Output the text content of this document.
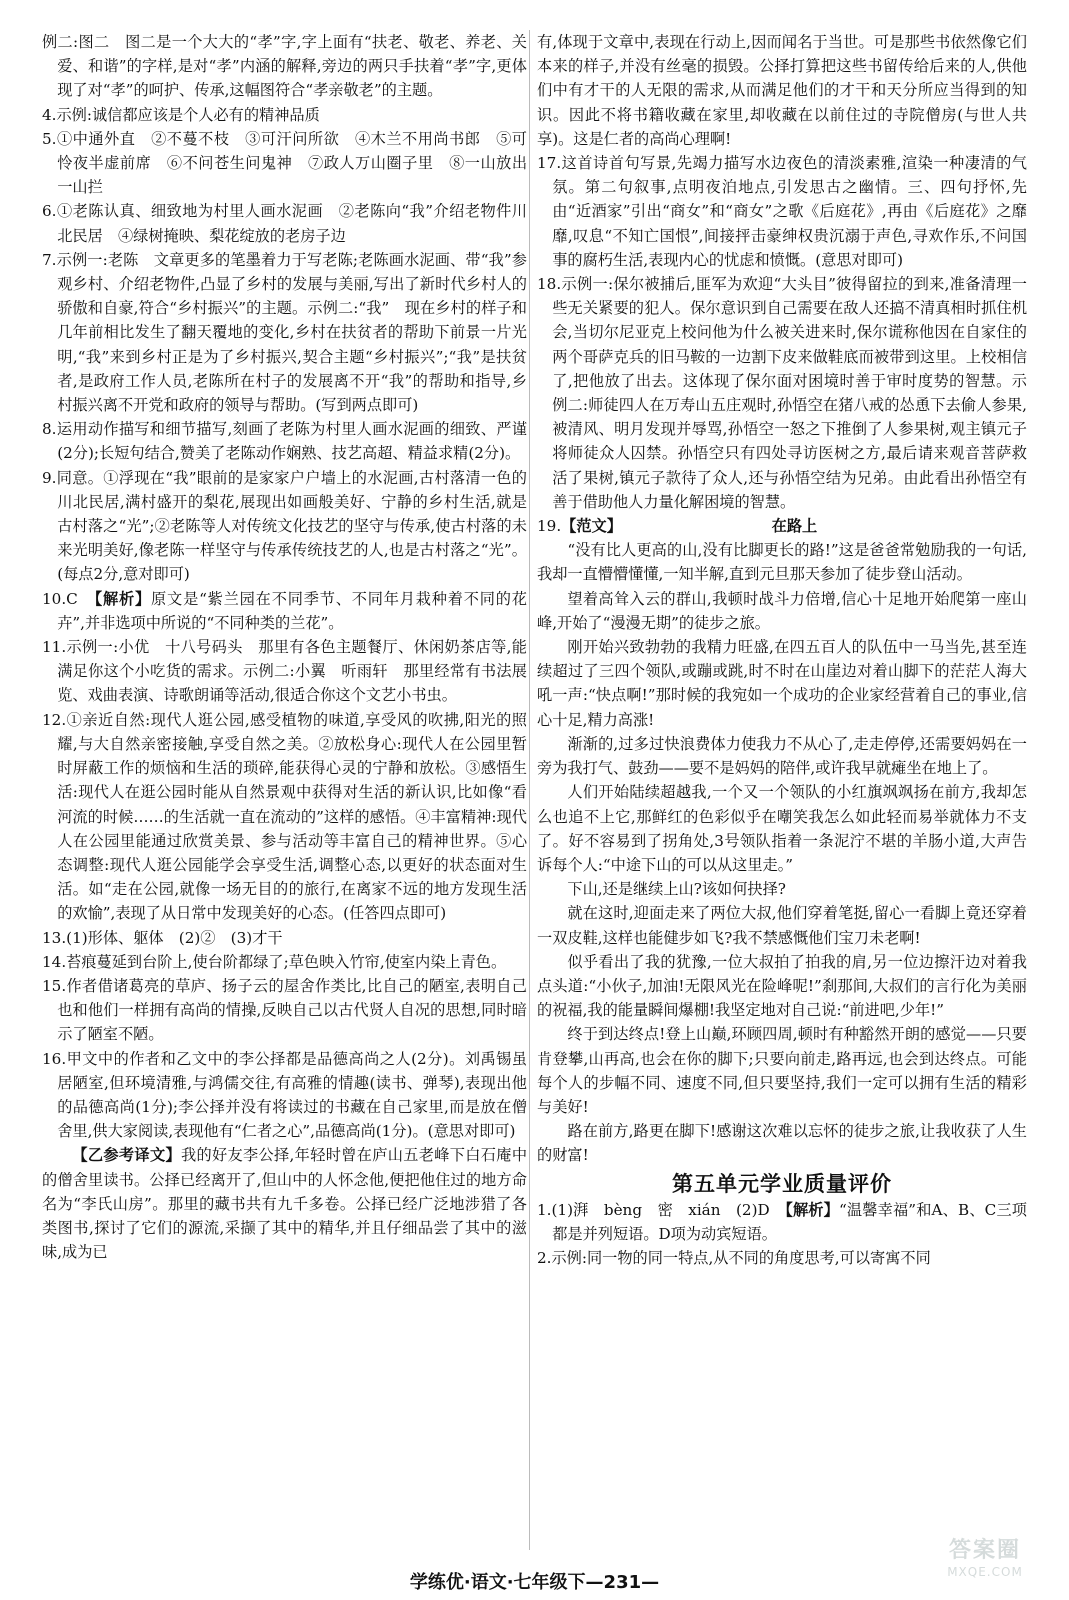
例二:图二　图二是一个大大的“孝”字,字上面有“扶老、敬老、养老、关爱、和谐”的字样,是对“孝”内涵的解释,旁边的两只手扶着“孝”字,更体现了对“孝”的呵护、传承,这幅图符合“孝亲敬老”的主题。

4.示例:诚信都应该是个人必有的精神品质

5.①中通外直　②不蔓不枝　③可汗问所欲　④木兰不用尚书郎　⑤可怜夜半虚前席　⑥不问苍生问鬼神　⑦政人万山圈子里　⑧一山放出一山拦

6.①老陈认真、细致地为村里人画水泥画　②老陈向“我”介绍老物件川北民居　④绿树掩映、梨花绽放的老房子边

7.示例一:老陈　文章更多的笔墨着力于写老陈;老陈画水泥画、带“我”参观乡村、介绍老物件,凸显了乡村的发展与美丽,写出了新时代乡村人的骄傲和自豪,符合“乡村振兴”的主题。示例二:“我”　现在乡村的样子和几年前相比发生了翻天覆地的变化,乡村在扶贫者的帮助下前景一片光明,“我”来到乡村正是为了乡村振兴,契合主题“乡村振兴”;“我”是扶贫者,是政府工作人员,老陈所在村子的发展离不开“我”的帮助和指导,乡村振兴离不开党和政府的领导与帮助。(写到两点即可)

8.运用动作描写和细节描写,刻画了老陈为村里人画水泥画的细致、严谨(2分);长短句结合,赞美了老陈动作娴熟、技艺高超、精益求精(2分)。

9.同意。①浮现在“我”眼前的是家家户户墙上的水泥画,古村落清一色的川北民居,满村盛开的梨花,展现出如画般美好、宁静的乡村生活,就是古村落之“光”;②老陈等人对传统文化技艺的坚守与传承,使古村落的未来光明美好,像老陈一样坚守与传承传统技艺的人,也是古村落之“光”。(每点2分,意对即可)

10.C　【解析】原文是“紫兰园在不同季节、不同年月栽种着不同的花卉”,并非选项中所说的“不同种类的兰花”。

11.示例一:小优　十八号码头　那里有各色主题餐厅、休闲奶茶店等,能满足你这个小吃货的需求。示例二:小翼　听雨轩　那里经常有书法展览、戏曲表演、诗歌朗诵等活动,很适合你这个文艺小书虫。

12.①亲近自然:现代人逛公园,感受植物的味道,享受风的吹拂,阳光的照耀,与大自然亲密接触,享受自然之美。②放松身心:现代人在公园里暂时屏蔽工作的烦恼和生活的琐碎,能获得心灵的宁静和放松。③感悟生活:现代人在逛公园时能从自然景观中获得对生活的新认识,比如像“看河流的时候……的生活就一直在流动的”这样的感悟。④丰富精神:现代人在公园里能通过欣赏美景、参与活动等丰富自己的精神世界。⑤心态调整:现代人逛公园能学会享受生活,调整心态,以更好的状态面对生活。如“走在公园,就像一场无目的的旅行,在离家不远的地方发现生活的欢愉”,表现了从日常中发现美好的心态。(任答四点即可)

13.(1)形体、躯体　(2)②　(3)才干

14.苔痕蔓延到台阶上,使台阶都绿了;草色映入竹帘,使室内染上青色。

15.作者借诸葛亮的草庐、扬子云的屋舍作类比,比自己的陋室,表明自己也和他们一样拥有高尚的情操,反映自己以古代贤人自况的思想,同时暗示了陋室不陋。

16.甲文中的作者和乙文中的李公择都是品德高尚之人(2分)。刘禹锡虽居陋室,但环境清雅,与鸿儒交往,有高雅的情趣(读书、弹琴),表现出他的品德高尚(1分);李公择并没有将读过的书藏在自己家里,而是放在僧舍里,供大家阅读,表现他有“仁者之心”,品德高尚(1分)。(意思对即可)

【乙参考译文】我的好友李公择,年轻时曾在庐山五老峰下白石庵中的僧舍里读书。公择已经离开了,但山中的人怀念他,便把他住过的地方命名为“李氏山房”。那里的藏书共有九千多卷。公择已经广泛地涉猎了各类图书,探讨了它们的源流,采撷了其中的精华,并且仔细品尝了其中的滋味,成为已

有,体现于文章中,表现在行动上,因而闻名于当世。可是那些书依然像它们本来的样子,并没有丝毫的损毁。公择打算把这些书留传给后来的人,供他们中有才干的人无限的需求,从而满足他们的才干和天分所应当得到的知识。因此不将书籍收藏在家里,却收藏在以前住过的寺院僧房(与世人共享)。这是仁者的高尚心理啊!

17.这首诗首句写景,先竭力描写水边夜色的清淡素雅,渲染一种凄清的气氛。第二句叙事,点明夜泊地点,引发思古之幽情。三、四句抒怀,先由“近酒家”引出“商女”和“商女”之歌《后庭花》,再由《后庭花》之靡靡,叹息“不知亡国恨”,间接抨击豪绅权贵沉溺于声色,寻欢作乐,不问国事的腐朽生活,表现内心的忧虑和愤慨。(意思对即可)

18.示例一:保尔被捕后,匪军为欢迎“大头目”彼得留拉的到来,准备清理一些无关紧要的犯人。保尔意识到自己需要在敌人还搞不清真相时抓住机会,当切尔尼亚克上校问他为什么被关进来时,保尔谎称他因在自家住的两个哥萨克兵的旧马鞍的一边割下皮来做鞋底而被带到这里。上校相信了,把他放了出去。这体现了保尔面对困境时善于审时度势的智慧。示例二:师徒四人在万寿山五庄观时,孙悟空在猪八戒的怂恿下去偷人参果,被清风、明月发现并辱骂,孙悟空一怒之下推倒了人参果树,观主镇元子将师徒众人囚禁。孙悟空只有四处寻访医树之方,最后请来观音菩萨救活了果树,镇元子款待了众人,还与孙悟空结为兄弟。由此看出孙悟空有善于借助他人力量化解困境的智慧。

19. 【范文】	在路上

“没有比人更高的山,没有比脚更长的路!”这是爸爸常勉励我的一句话,我却一直懵懵懂懂,一知半解,直到元旦那天参加了徒步登山活动。

望着高耸入云的群山,我顿时战斗力倍增,信心十足地开始爬第一座山峰,开始了“漫漫无期”的徒步之旅。

刚开始兴致勃勃的我精力旺盛,在四五百人的队伍中一马当先,甚至连续超过了三四个领队,或蹦或跳,时不时在山崖边对着山脚下的茫茫人海大吼一声:“快点啊!”那时候的我宛如一个成功的企业家经营着自己的事业,信心十足,精力高涨!

渐渐的,过多过快浪费体力使我力不从心了,走走停停,还需要妈妈在一旁为我打气、鼓劲——要不是妈妈的陪伴,或许我早就瘫坐在地上了。

人们开始陆续超越我,一个又一个领队的小红旗飒飒扬在前方,我却怎么也追不上它,那鲜红的色彩似乎在嘲笑我怎么如此轻而易举就体力不支了。好不容易到了拐角处,3号领队指着一条泥泞不堪的羊肠小道,大声告诉每个人:“中途下山的可以从这里走。”

下山,还是继续上山?该如何抉择?

就在这时,迎面走来了两位大叔,他们穿着笔挺,留心一看脚上竟还穿着一双皮鞋,这样也能健步如飞?我不禁感慨他们宝刀未老啊!

似乎看出了我的犹豫,一位大叔拍了拍我的肩,另一位边擦汗边对着我点头道:“小伙子,加油!无限风光在险峰呢!”刹那间,大叔们的言行化为美丽的祝福,我的能量瞬间爆棚!我坚定地对自己说:“前进吧,少年!”

终于到达终点!登上山巅,环顾四周,顿时有种豁然开朗的感觉——只要肯登攀,山再高,也会在你的脚下;只要向前走,路再远,也会到达终点。可能每个人的步幅不同、速度不同,但只要坚持,我们一定可以拥有生活的精彩与美好!

路在前方,路更在脚下!感谢这次难以忘怀的徒步之旅,让我收获了人生的财富!

第五单元学业质量评价

1.(1)湃　bèng　密　xián　(2)D　【解析】“温馨幸福”和A、B、C三项都是并列短语。D项为动宾短语。

2.示例:同一物的同一特点,从不同的角度思考,可以寄寓不同

学练优·语文·七年级下—231—
答案圈
MXQE.COM
